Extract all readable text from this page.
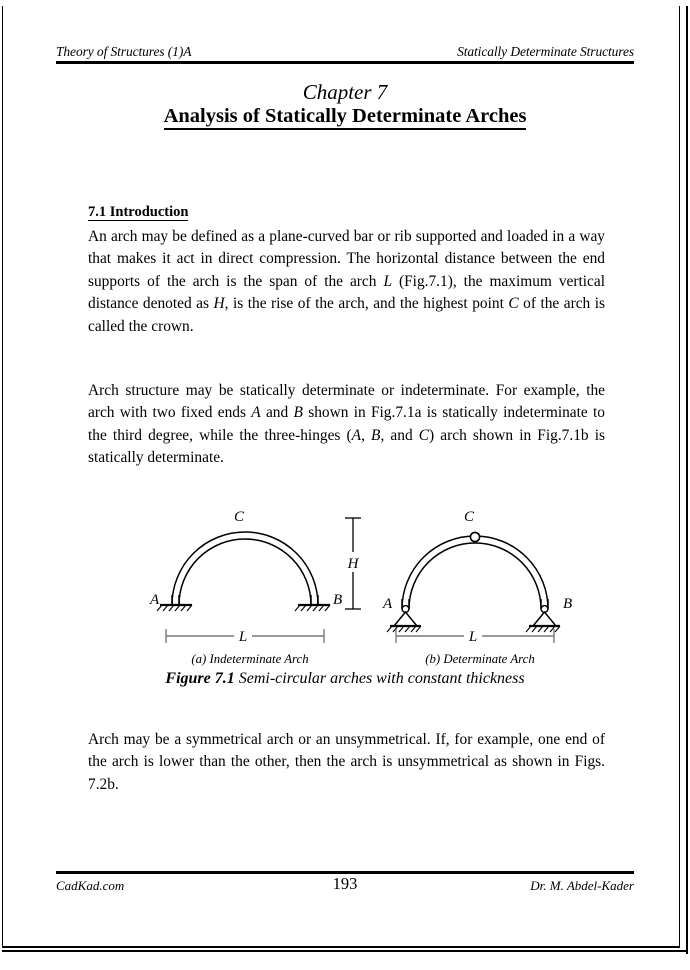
Theory of Structures (1)A	Statically Determinate Structures
Chapter 7
Analysis of Statically Determinate Arches
7.1 Introduction
An arch may be defined as a plane-curved bar or rib supported and loaded in a way that makes it act in direct compression. The horizontal distance between the end supports of the arch is the span of the arch L (Fig.7.1), the maximum vertical distance denoted as H, is the rise of the arch, and the highest point C of the arch is called the crown.
Arch structure may be statically determinate or indeterminate. For example, the arch with two fixed ends A and B shown in Fig.7.1a is statically indeterminate to the third degree, while the three-hinges (A, B, and C) arch shown in Fig.7.1b is statically determinate.
Arch may be a symmetrical arch or an unsymmetrical. If, for example, one end of the arch is lower than the other, then the arch is unsymmetrical as shown in Figs. 7.2b.
A	B
C
L
H
A	B
C
L
(a) Indeterminate Arch	(b) Determinate Arch
Figure 7.1 Semi-circular arches with constant thickness
CadKad.com	193	Dr. M. Abdel-Kader
